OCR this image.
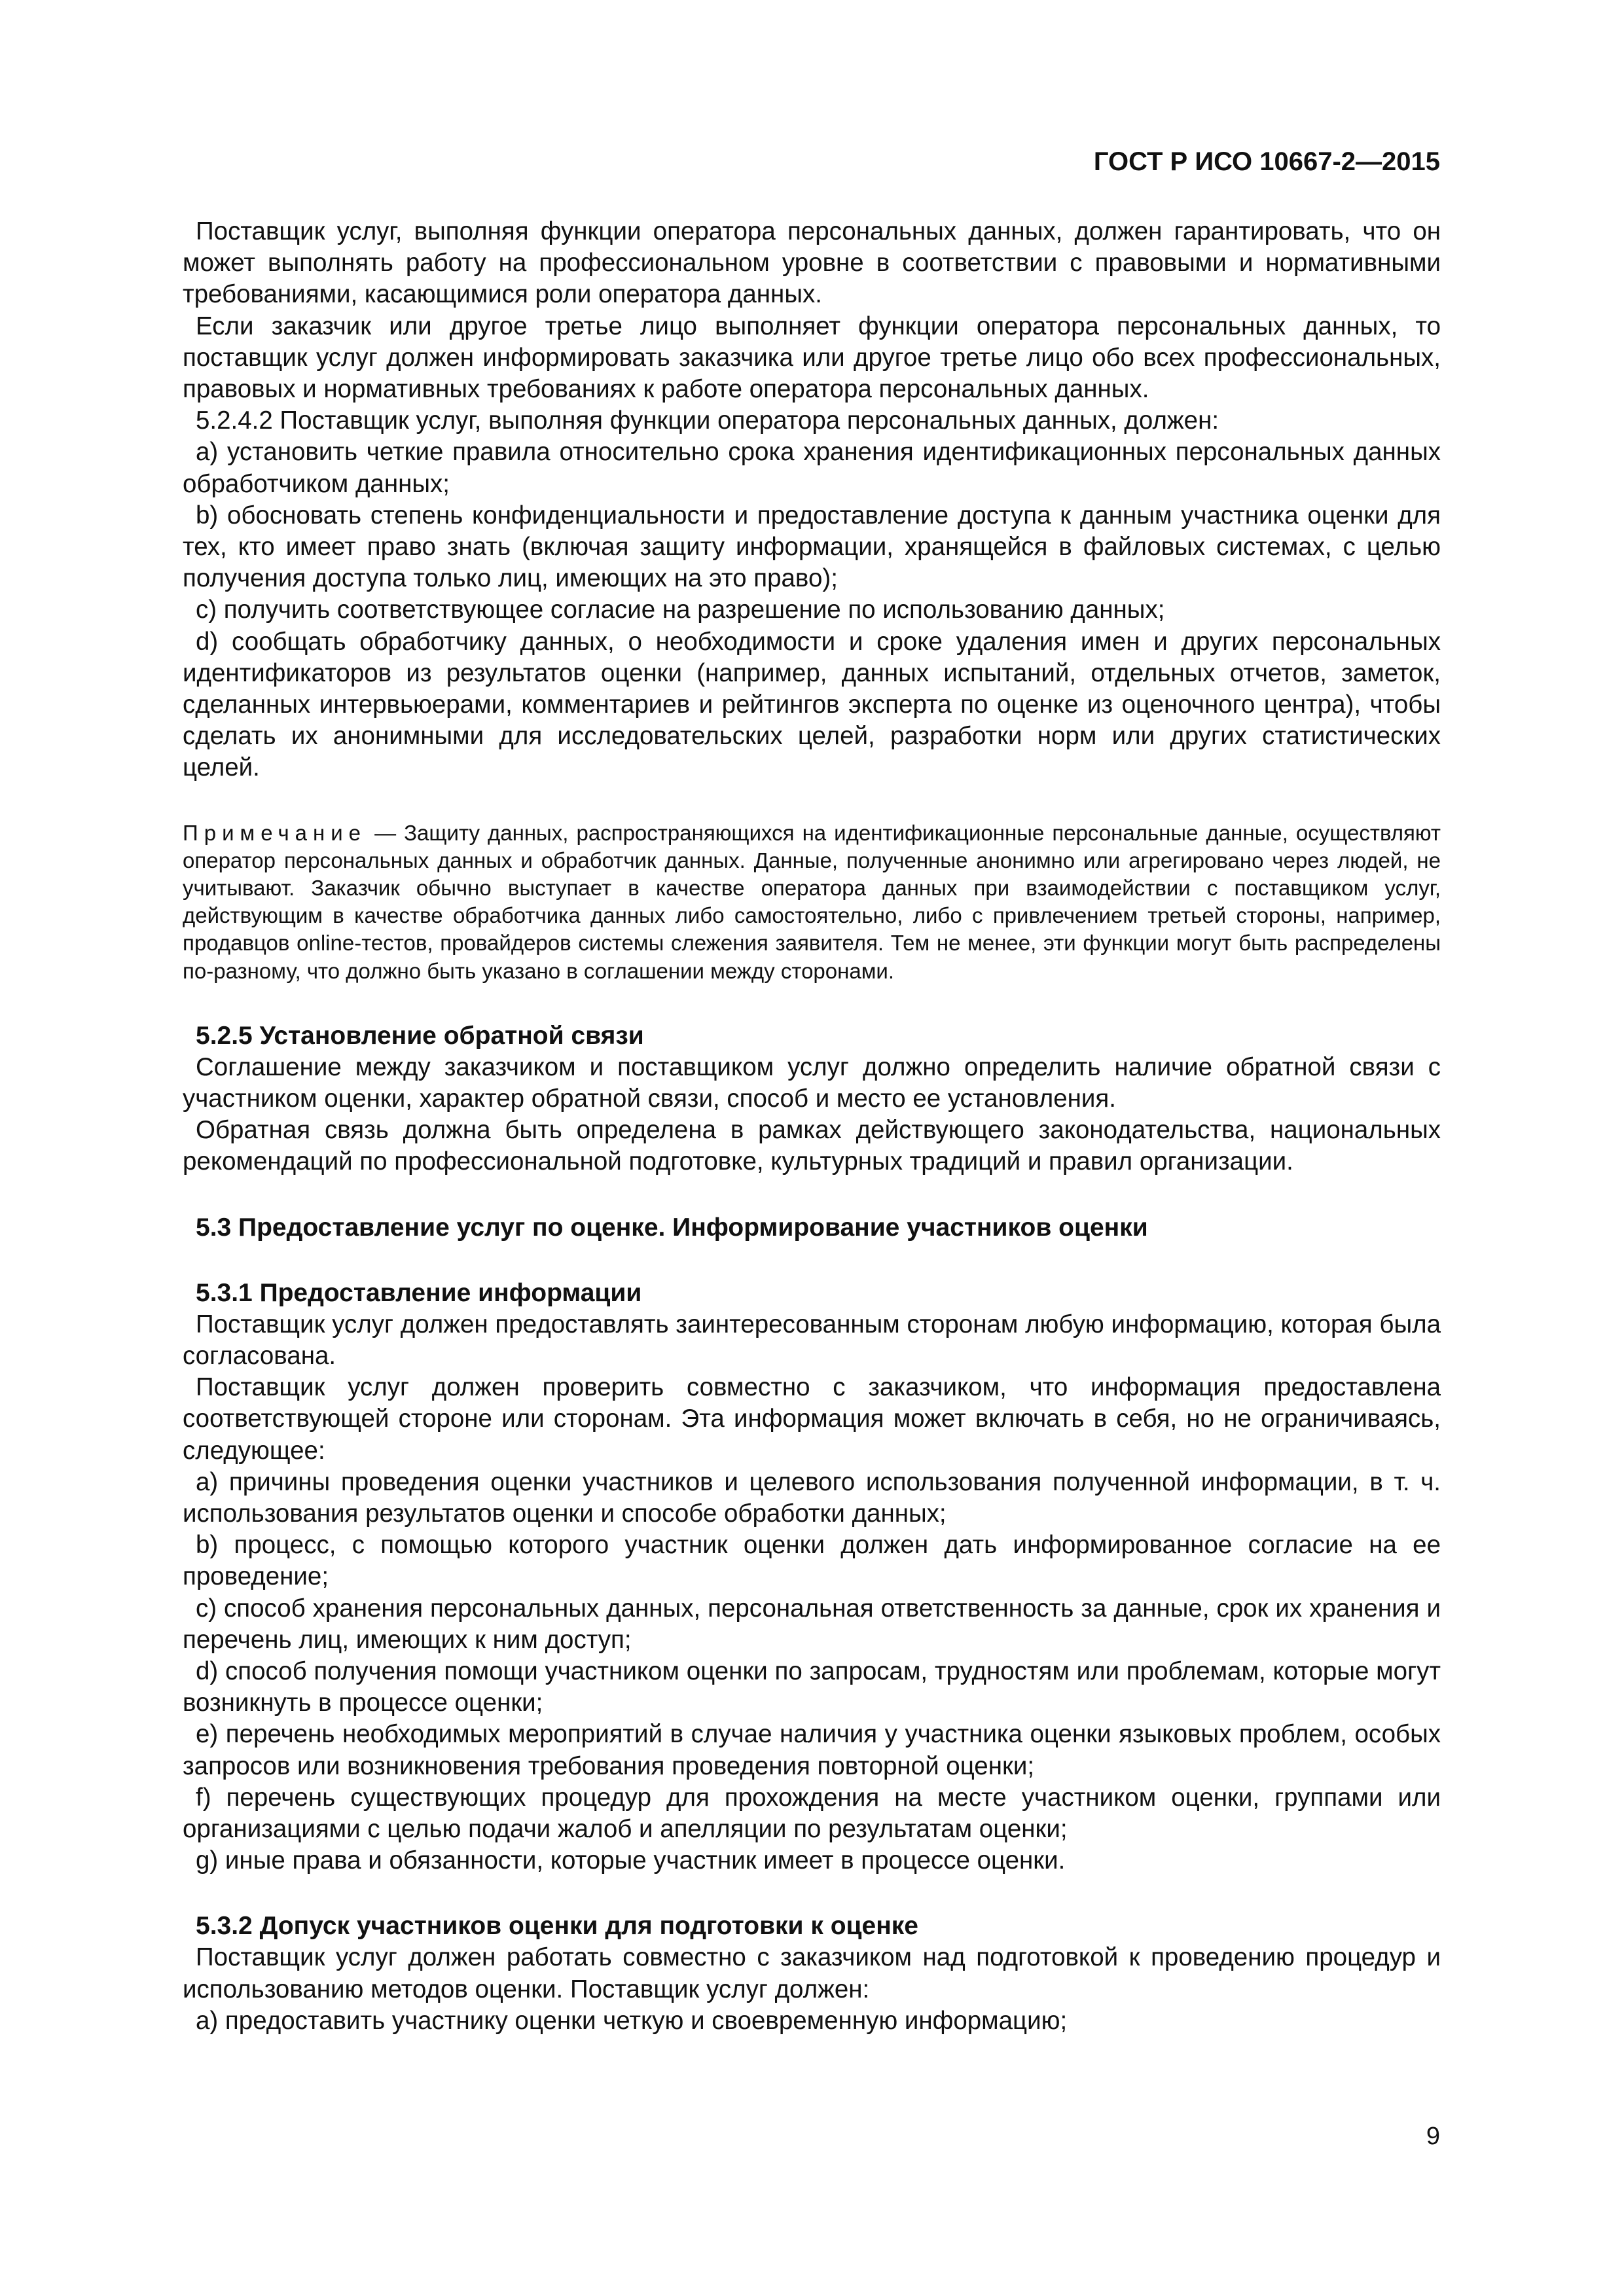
ГОСТ Р ИСО 10667-2—2015

Поставщик услуг, выполняя функции оператора персональных данных, должен гарантировать, что он может выполнять работу на профессиональном уровне в соответствии с правовыми и нормативными требованиями, касающимися роли оператора данных.

Если заказчик или другое третье лицо выполняет функции оператора персональных данных, то поставщик услуг должен информировать заказчика или другое третье лицо обо всех профессиональных, правовых и нормативных требованиях к работе оператора персональных данных.

5.2.4.2 Поставщик услуг, выполняя функции оператора персональных данных, должен:

а) установить четкие правила относительно срока хранения идентификационных персональных данных обработчиком данных;

b) обосновать степень конфиденциальности и предоставление доступа к данным участника оценки для тех, кто имеет право знать (включая защиту информации, хранящейся в файловых системах, с целью получения доступа только лиц, имеющих на это право);

c) получить соответствующее согласие на разрешение по использованию данных;

d) сообщать обработчику данных, о необходимости и сроке удаления имен и других персональных идентификаторов из результатов оценки (например, данных испытаний, отдельных отчетов, заметок, сделанных интервьюерами, комментариев и рейтингов эксперта по оценке из оценочного центра), чтобы сделать их анонимными для исследовательских целей, разработки норм или других статистических целей.

Примечание — Защиту данных, распространяющихся на идентификационные персональные данные, осуществляют оператор персональных данных и обработчик данных. Данные, полученные анонимно или агрегировано через людей, не учитывают. Заказчик обычно выступает в качестве оператора данных при взаимодействии с поставщиком услуг, действующим в качестве обработчика данных либо самостоятельно, либо с привлечением третьей стороны, например, продавцов online-тестов, провайдеров системы слежения заявителя. Тем не менее, эти функции могут быть распределены по-разному, что должно быть указано в соглашении между сторонами.

5.2.5 Установление обратной связи

Соглашение между заказчиком и поставщиком услуг должно определить наличие обратной связи с участником оценки, характер обратной связи, способ и место ее установления.

Обратная связь должна быть определена в рамках действующего законодательства, национальных рекомендаций по профессиональной подготовке, культурных традиций и правил организации.

5.3 Предоставление услуг по оценке. Информирование участников оценки
5.3.1 Предоставление информации

Поставщик услуг должен предоставлять заинтересованным сторонам любую информацию, которая была согласована.

Поставщик услуг должен проверить совместно с заказчиком, что информация предоставлена соответствующей стороне или сторонам. Эта информация может включать в себя, но не ограничиваясь, следующее:

а) причины проведения оценки участников и целевого использования полученной информации, в т. ч. использования результатов оценки и способе обработки данных;

b) процесс, с помощью которого участник оценки должен дать информированное согласие на ее проведение;

c) способ хранения персональных данных, персональная ответственность за данные, срок их хранения и перечень лиц, имеющих к ним доступ;

d) способ получения помощи участником оценки по запросам, трудностям или проблемам, которые могут возникнуть в процессе оценки;

e) перечень необходимых мероприятий в случае наличия у участника оценки языковых проблем, особых запросов или возникновения требования проведения повторной оценки;

f) перечень существующих процедур для прохождения на месте участником оценки, группами или организациями с целью подачи жалоб и апелляции по результатам оценки;

g) иные права и обязанности, которые участник имеет в процессе оценки.

5.3.2 Допуск участников оценки для подготовки к оценке

Поставщик услуг должен работать совместно с заказчиком над подготовкой к проведению процедур и использованию методов оценки. Поставщик услуг должен:

а) предоставить участнику оценки четкую и своевременную информацию;

9
